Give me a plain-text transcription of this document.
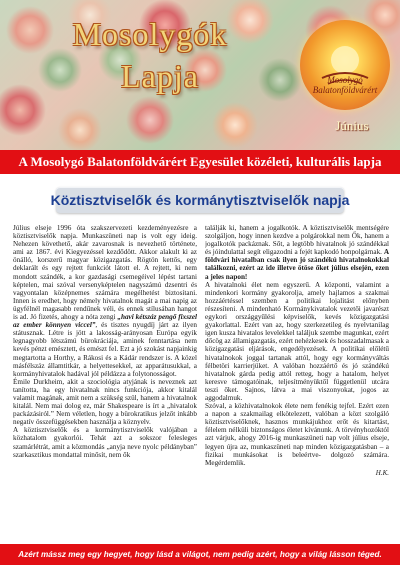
Mosolygók
Lapja	Mosolygó
Balatonföldvárért
Június
A Mosolygó Balatonföldvárért Egyesület közéleti, kulturális lapja
Köztisztviselők és kormánytisztviselők napja

Július elseje 1996 óta szakszervezeti kezdeményezésre a köztisztviselők napja. Munkaszüneti nap is volt egy ideig. Nehezen követhető, akár zavarosnak is nevezhető története, ami az 1867. évi Kiegyezéssel kezdődött. Akkor alakult ki az önálló, korszerű magyar közigazgatás. Rögtön kettős, egy deklarált és egy rejtett funkciót látott el. A rejtett, ki nem mondott szándék, a kor gazdasági csemegéivel lépést tartani képtelen, mai szóval versenyképtelen nagyszámú dzsentri és vagyontalan középnemes számára megélhetést biztosítani. Innen is eredhet, hogy némely hivatalnok magát a mai napig az ügyfélnél magasabb rendűnek véli, és ennek stílusában hangot is ad. Jó fizetés, ahogy a nóta zengi „havi kétszáz pengő fixszel az ember könnyen viccel”, és tisztes nyugdíj járt az ilyen státusznak. Létre is jött a lakosság-arányosan Európa egyik legnagyobb létszámú bürokráciája, aminek fenntartása nem kevés pénzt emésztett, és emészt fel. Ezt a jó szokást napjainkig megtartotta a Horthy, a Rákosi és a Kádár rendszer is. A közel másfélszáz államtitkár, a helyettesekkel, az apparátusukkal, a kormányhivatalok hadával jól példázza a folytonosságot.

Émile Durkheim, akit a szociológia atyjának is neveznek azt tanította, ha egy hivatalnak nincs funkciója, akkor kitalál valamit magának, amit nem a szükség szül, hanem a hivatalnok kitalál. Nem mai dolog ez, már Shakespeare is írt a „hivatalok packázásiról.” Nem véletlen, hogy a bürokratikus jelzőt inkább negatív összefüggésekben használja a köznyelv.

A köztisztviselők és a kormánytisztviselők valójában a közhatalom gyakorlói. Tehát azt a sokszor felesleges szamárlétrát, amit a közmondás „anyja neve nyolc példányban” szarkasztikus mondattal minősít, nem ők

találják ki, hanem a jogalkotók. A köztisztviselők mentségére szolgáljon, hogy innen kezdve a polgárokkal nem Ők, hanem a jogalkotók packáznak. Sőt, a legtöbb hivatalnok jó szándékkal és jóindulattal segít eligazodni a fejét kapkodó honpolgárnak. A földvári hivatalban csak ilyen jó szándékú hivatalnokokkal találkozni, ezért az ide illetve ötöse őket július elsején, ezen a jeles napon!

A hivatalnoki élet nem egyszerű. A központi, valamint a mindenkori kormány gyakorolja, amely hajlamos a szakmai hozzáértéssel szemben a politikai lojalitást előnyben részesíteni. A mindenható Kormánykivatalok vezetői javarészt egykori országgyűlési képviselők, kevés közigazgatási gyakorlattal. Ezért van az, hogy szerkezetileg és nyelvtanilag igen kusza hivatalos levelekkel találjuk szembe magunkat, ezért dőcög az államigazgatás, ezért nehézkesek és hosszadalmasak a közigazgatási eljárások, engedélyezések. A politikai előlétű hivatalnokok joggal tartanak attól, hogy egy kormányváltás félbetöri karrierjüket. A valóban hozzáértő és jó szándékú hivatalnok gárda pedig attól retteg, hogy a hatalom, helyet keresve támogatóinak, teljesítményüktől függetlenül utcára teszi őket. Sajnos, látva a mai viszonyokat, jogos az aggodalmuk.

Szóval, a közhivatalnokok élete nem fenékig tejfel. Ezért ezen a napon a szakmailag elkötelezett, valóban a közt szolgáló köztisztviselőknek, hasznos munkájukhoz erőt és kitartást, félelem nélküli biztonságos életet kívánunk. A törvényhozóktól azt várjuk, ahogy 2016-ig munkaszüneti nap volt július elseje, legyen újra az, munkaszüneti nap minden közigazgatásban – a fizikai munkásokat is beleértve- dolgozó számára. Megérdemlik.

H.K.
Azért mássz meg egy hegyet, hogy lásd a világot, nem pedig azért, hogy a világ lásson téged.
